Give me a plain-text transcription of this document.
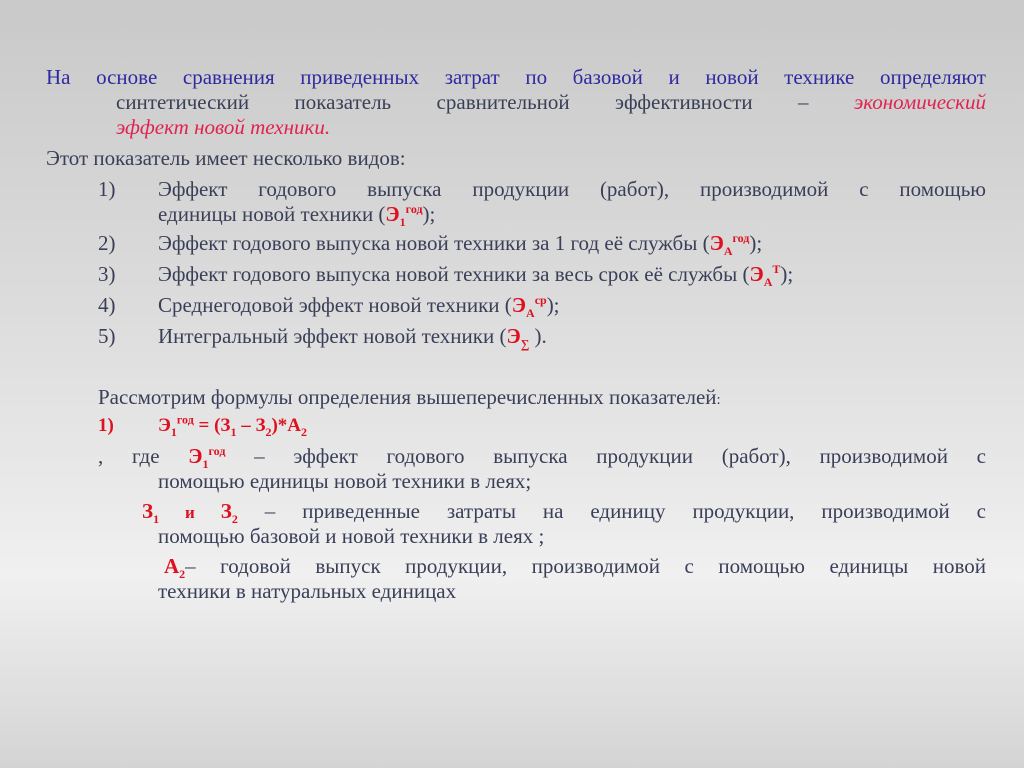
На основе сравнения приведенных затрат по базовой и новой технике определяют
синтетический показатель сравнительной эффективности – экономический
эффект новой техники.
Этот показатель имеет несколько видов:
1) Эффект годового выпуска продукции (работ), производимой с помощью
единицы новой техники $(Э_1^{год})$;
2) Эффект годового выпуска новой техники за 1 год её службы $(Э_А^{год})$;
3) Эффект годового выпуска новой техники за весь срок её службы $(Э_А^Т)$;
4) Среднегодовой эффект новой техники $(Э_А^{ср})$;
5) Интегральный эффект новой техники ($Э_\sum$ ).
Рассмотрим формулы определения вышеперечисленных показателей:
1) $Э_1^{год} = (З_1 - З_2)*А_2$
, где $Э_1^{год}$ – эффект годового выпуска продукции (работ), производимой с
помощью единицы новой техники в леях;
$З_1$ и $З_2$ – приведенные затраты на единицу продукции, производимой с
помощью базовой и новой техники в леях ;
$А_2-$ годовой выпуск продукции, производимой с помощью единицы новой
техники в натуральных единицах
